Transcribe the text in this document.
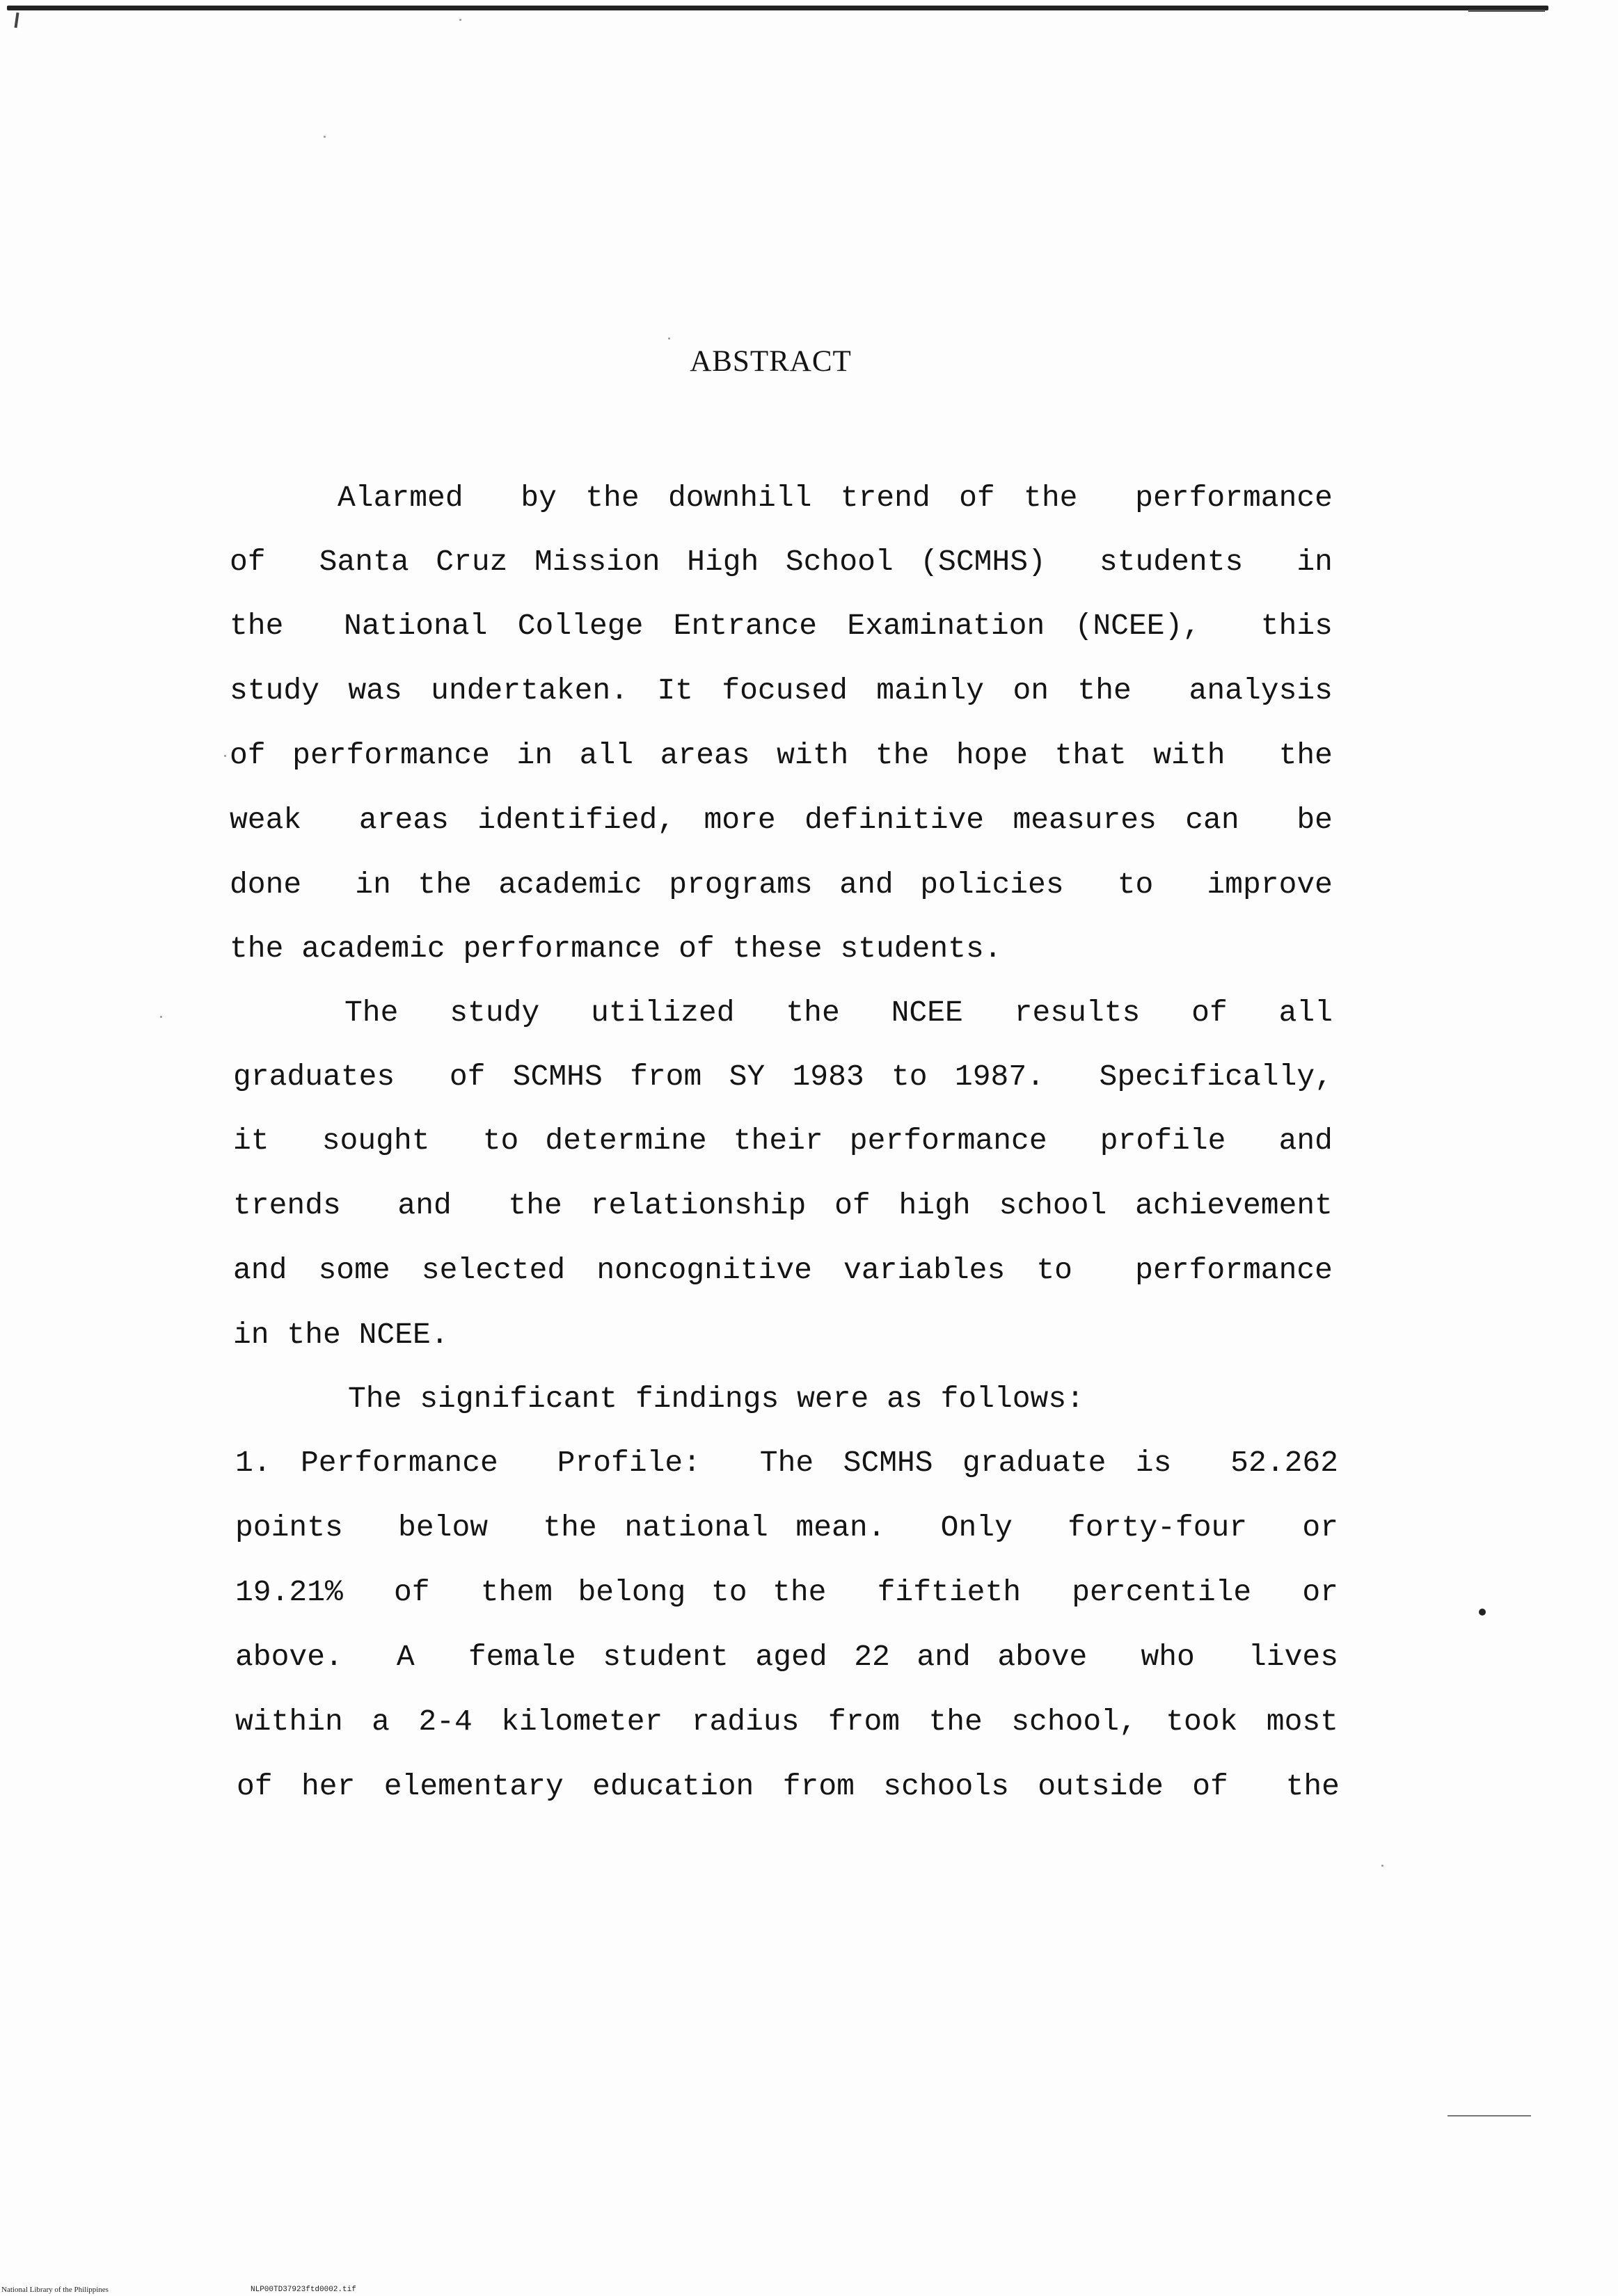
ABSTRACT
Alarmed  by the downhill trend of the  performance
of  Santa Cruz Mission High School (SCMHS)  students  in
the  National College Entrance Examination (NCEE),  this
study was undertaken. It focused mainly on the  analysis
of performance in all areas with the hope that with  the
weak  areas identified, more definitive measures can  be
done  in the academic programs and policies  to  improve
the academic performance of these students.
The  study  utilized  the  NCEE  results  of  all
graduates  of SCMHS from SY 1983 to 1987.  Specifically,
it  sought  to determine their performance  profile  and
trends  and  the relationship of high school achievement
and some selected noncognitive variables to  performance
in the NCEE.
The significant findings were as follows:
1. Performance  Profile:  The SCMHS graduate is  52.262
points  below  the national mean.  Only  forty-four  or
19.21%  of  them belong to the  fiftieth  percentile  or
above.  A  female student aged 22 and above  who  lives
within a 2-4 kilometer radius from the school, took most
of her elementary education from schools outside of  the
National Library of the Philippines	NLP00TD37923ftd0002.tif
